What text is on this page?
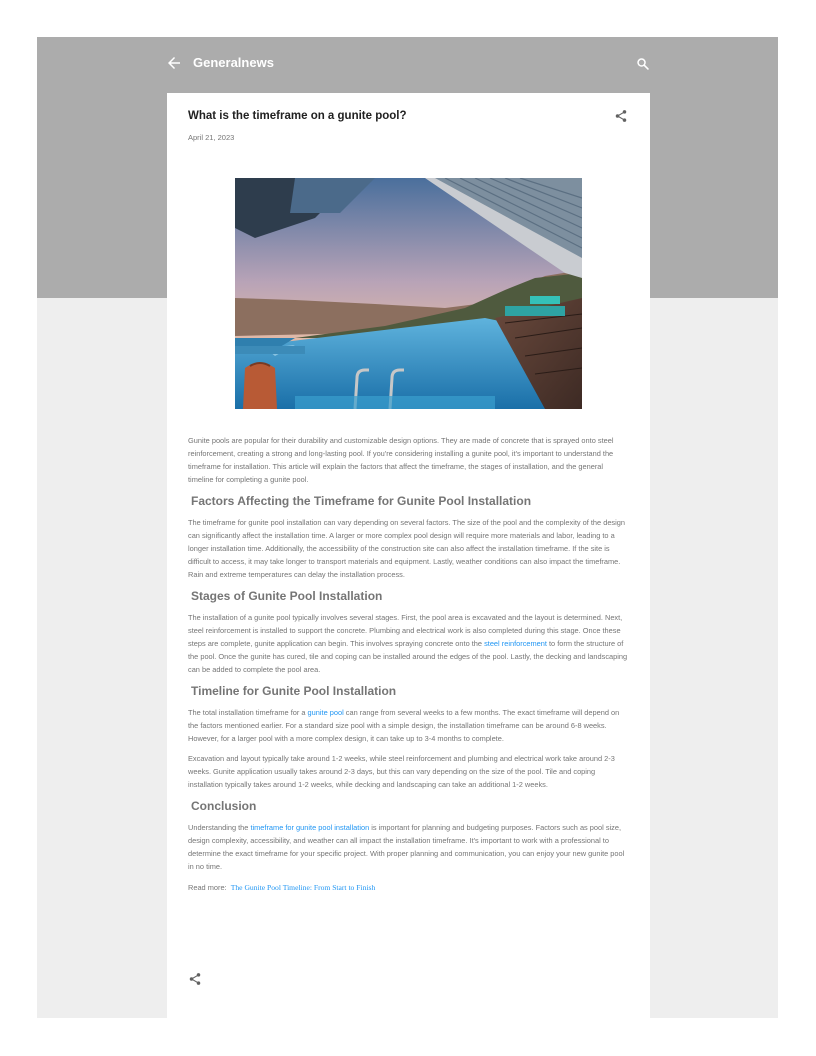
Generalnews
What is the timeframe on a gunite pool?
April 21, 2023

Gunite pools are popular for their durability and customizable design options. They are made of concrete that is sprayed onto steel reinforcement, creating a strong and long-lasting pool. If you're considering installing a gunite pool, it's important to understand the timeframe for installation. This article will explain the factors that affect the timeframe, the stages of installation, and the general timeline for completing a gunite pool.

Factors Affecting the Timeframe for Gunite Pool Installation

The timeframe for gunite pool installation can vary depending on several factors. The size of the pool and the complexity of the design can significantly affect the installation time. A larger or more complex pool design will require more materials and labor, leading to a longer installation time. Additionally, the accessibility of the construction site can also affect the installation timeframe. If the site is difficult to access, it may take longer to transport materials and equipment. Lastly, weather conditions can also impact the timeframe. Rain and extreme temperatures can delay the installation process.

Stages of Gunite Pool Installation

The installation of a gunite pool typically involves several stages. First, the pool area is excavated and the layout is determined. Next, steel reinforcement is installed to support the concrete. Plumbing and electrical work is also completed during this stage. Once these steps are complete, gunite application can begin. This involves spraying concrete onto the steel reinforcement to form the structure of the pool. Once the gunite has cured, tile and coping can be installed around the edges of the pool. Lastly, the decking and landscaping can be added to complete the pool area.

Timeline for Gunite Pool Installation

The total installation timeframe for a gunite pool can range from several weeks to a few months. The exact timeframe will depend on the factors mentioned earlier. For a standard size pool with a simple design, the installation timeframe can be around 6-8 weeks. However, for a larger pool with a more complex design, it can take up to 3-4 months to complete.

Excavation and layout typically take around 1-2 weeks, while steel reinforcement and plumbing and electrical work take around 2-3 weeks. Gunite application usually takes around 2-3 days, but this can vary depending on the size of the pool. Tile and coping installation typically takes around 1-2 weeks, while decking and landscaping can take an additional 1-2 weeks.

Conclusion

Understanding the timeframe for gunite pool installation is important for planning and budgeting purposes. Factors such as pool size, design complexity, accessibility, and weather can all impact the installation timeframe. It's important to work with a professional to determine the exact timeframe for your specific project. With proper planning and communication, you can enjoy your new gunite pool in no time.

Read more: The Gunite Pool Timeline: From Start to Finish
